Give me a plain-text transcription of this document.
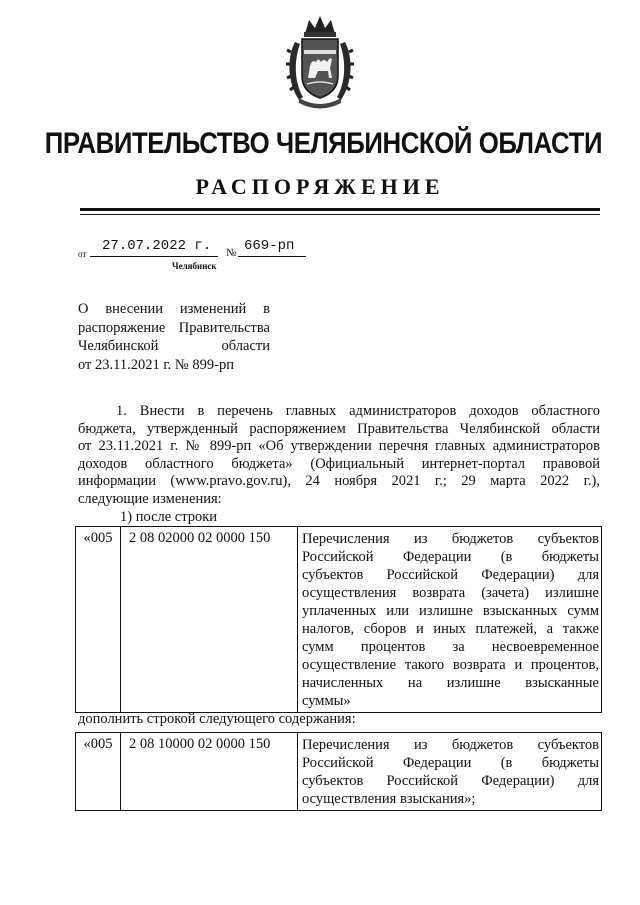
ПРАВИТЕЛЬСТВО ЧЕЛЯБИНСКОЙ ОБЛАСТИ
РАСПОРЯЖЕНИЕ
от 27.07.2022 г. № 669-рп
Челябинск
О внесении изменений в
распоряжение Правительства
Челябинской области
от 23.11.2021 г. № 899-рп
1. Внести в перечень главных администраторов доходов областного
бюджета, утвержденный распоряжением Правительства Челябинской области
от 23.11.2021 г. № 899-рп «Об утверждении перечня главных администраторов
доходов областного бюджета» (Официальный интернет-портал правовой
информации (www.pravo.gov.ru), 24 ноября 2021 г.; 29 марта 2022 г.),
следующие изменения:
1) после строки
«005	2 08 02000 02 0000 150	Перечисления из бюджетов субъектов
Российской Федерации (в бюджеты
субъектов Российской Федерации) для
осуществления возврата (зачета) излишне
уплаченных или излишне взысканных сумм
налогов, сборов и иных платежей, а также
сумм процентов за несвоевременное
осуществление такого возврата и процентов,
начисленных на излишне взысканные
суммы»
дополнить строкой следующего содержания:
«005	2 08 10000 02 0000 150	Перечисления из бюджетов субъектов
Российской Федерации (в бюджеты
субъектов Российской Федерации) для
осуществления взыскания»;
